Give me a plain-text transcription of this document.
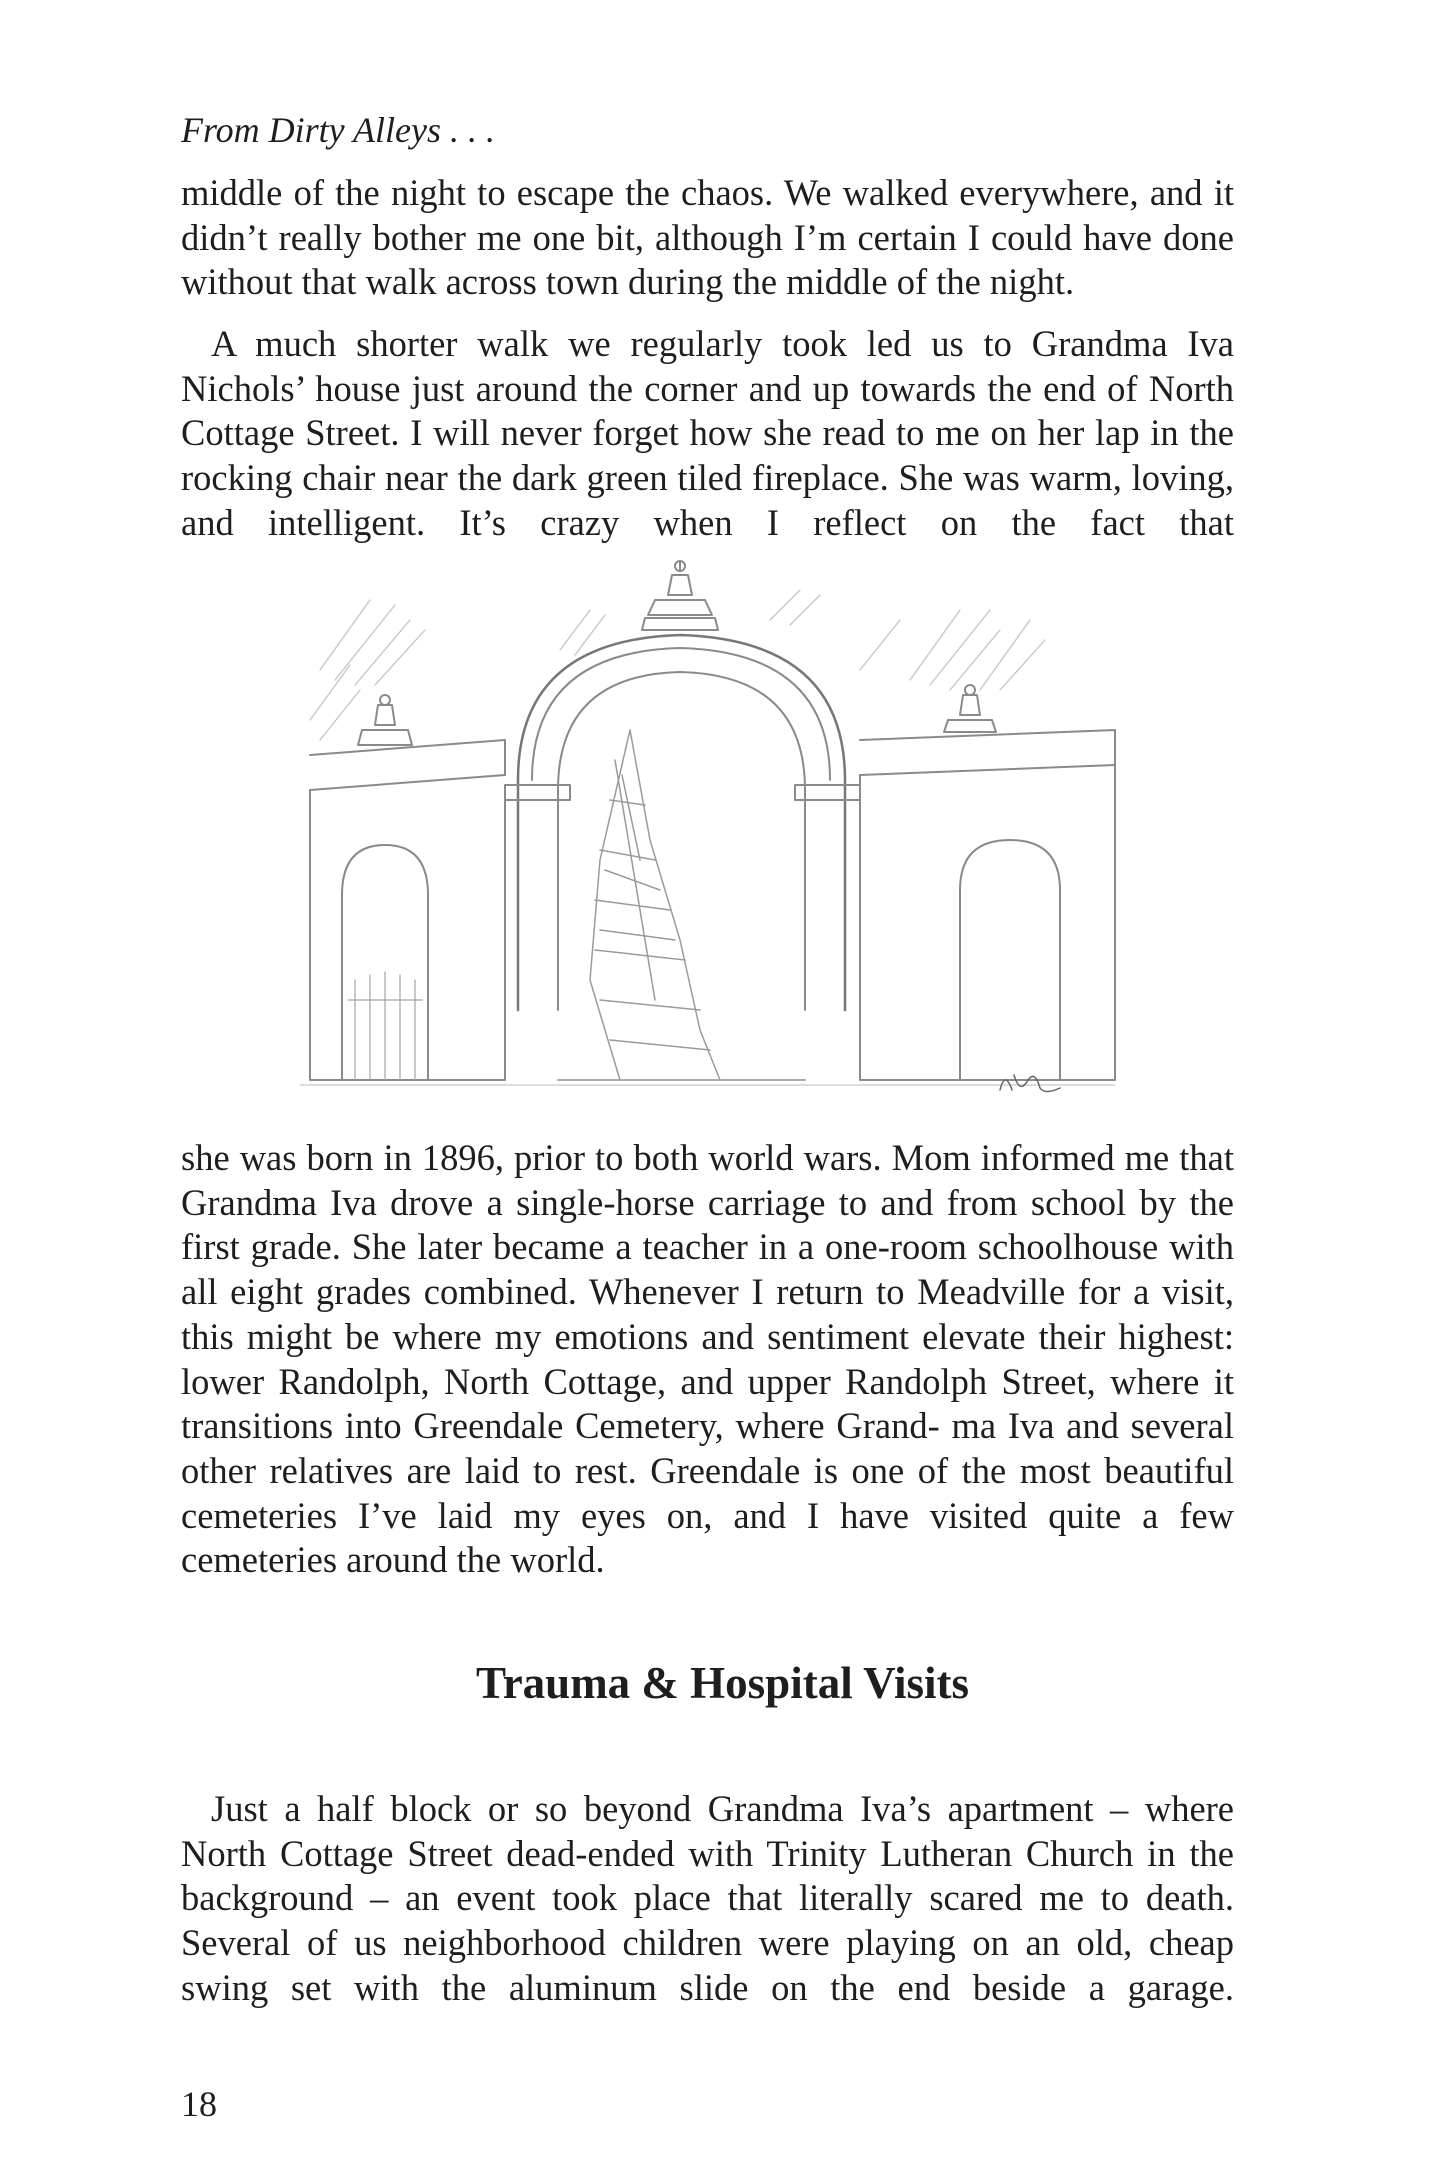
From Dirty Alleys . . .

middle of the night to escape the chaos. We walked everywhere, and it didn’t really bother me one bit, although I’m certain I could have done without that walk across town during the middle of the night.

A much shorter walk we regularly took led us to Grandma Iva Nichols’ house just around the corner and up towards the end of North Cottage Street. I will never forget how she read to me on her lap in the rocking chair near the dark green tiled fireplace. She was warm, loving, and intelligent. It’s crazy when I reflect on the fact that

she was born in 1896, prior to both world wars. Mom informed me that Grandma Iva drove a single-horse carriage to and from school by the first grade. She later became a teacher in a one-room schoolhouse with all eight grades combined. Whenever I return to Meadville for a visit, this might be where my emotions and sentiment elevate their highest: lower Randolph, North Cottage, and upper Randolph Street, where it transitions into Greendale Cemetery, where Grand- ma Iva and several other relatives are laid to rest. Greendale is one of the most beautiful cemeteries I’ve laid my eyes on, and I have visited quite a few cemeteries around the world.

Trauma & Hospital Visits

Just a half block or so beyond Grandma Iva’s apartment – where North Cottage Street dead-ended with Trinity Lutheran Church in the background – an event took place that literally scared me to death. Several of us neighborhood children were playing on an old, cheap swing set with the aluminum slide on the end beside a garage.

18
